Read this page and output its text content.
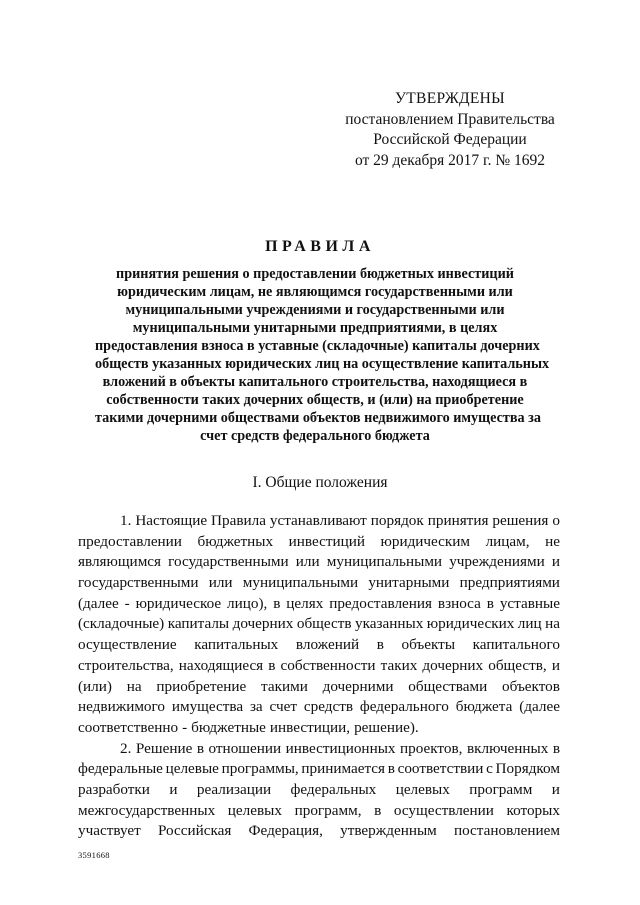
УТВЕРЖДЕНЫ
постановлением Правительства
Российской Федерации
от 29 декабря 2017 г. № 1692
ПРАВИЛА
принятия решения о предоставлении бюджетных инвестиций
юридическим лицам, не являющимся государственными или
муниципальными учреждениями и государственными или
муниципальными унитарными предприятиями, в целях
предоставления взноса в уставные (складочные) капиталы дочерних
обществ указанных юридических лиц на осуществление капитальных
вложений в объекты капитального строительства, находящиеся в
собственности таких дочерних обществ, и (или) на приобретение
такими дочерними обществами объектов недвижимого имущества за
счет средств федерального бюджета
I. Общие положения
1. Настоящие Правила устанавливают порядок принятия решения о
предоставлении бюджетных инвестиций юридическим лицам, не
являющимся государственными или муниципальными учреждениями и
государственными или муниципальными унитарными предприятиями
(далее - юридическое лицо), в целях предоставления взноса в уставные
(складочные) капиталы дочерних обществ указанных юридических лиц на
осуществление капитальных вложений в объекты капитального
строительства, находящиеся в собственности таких дочерних обществ, и
(или) на приобретение такими дочерними обществами объектов
недвижимого имущества за счет средств федерального бюджета (далее
соответственно - бюджетные инвестиции, решение).
2. Решение в отношении инвестиционных проектов, включенных в
федеральные целевые программы, принимается в соответствии с Порядком
разработки и реализации федеральных целевых программ и
межгосударственных целевых программ, в осуществлении которых
участвует Российская Федерация, утвержденным постановлением
3591668
